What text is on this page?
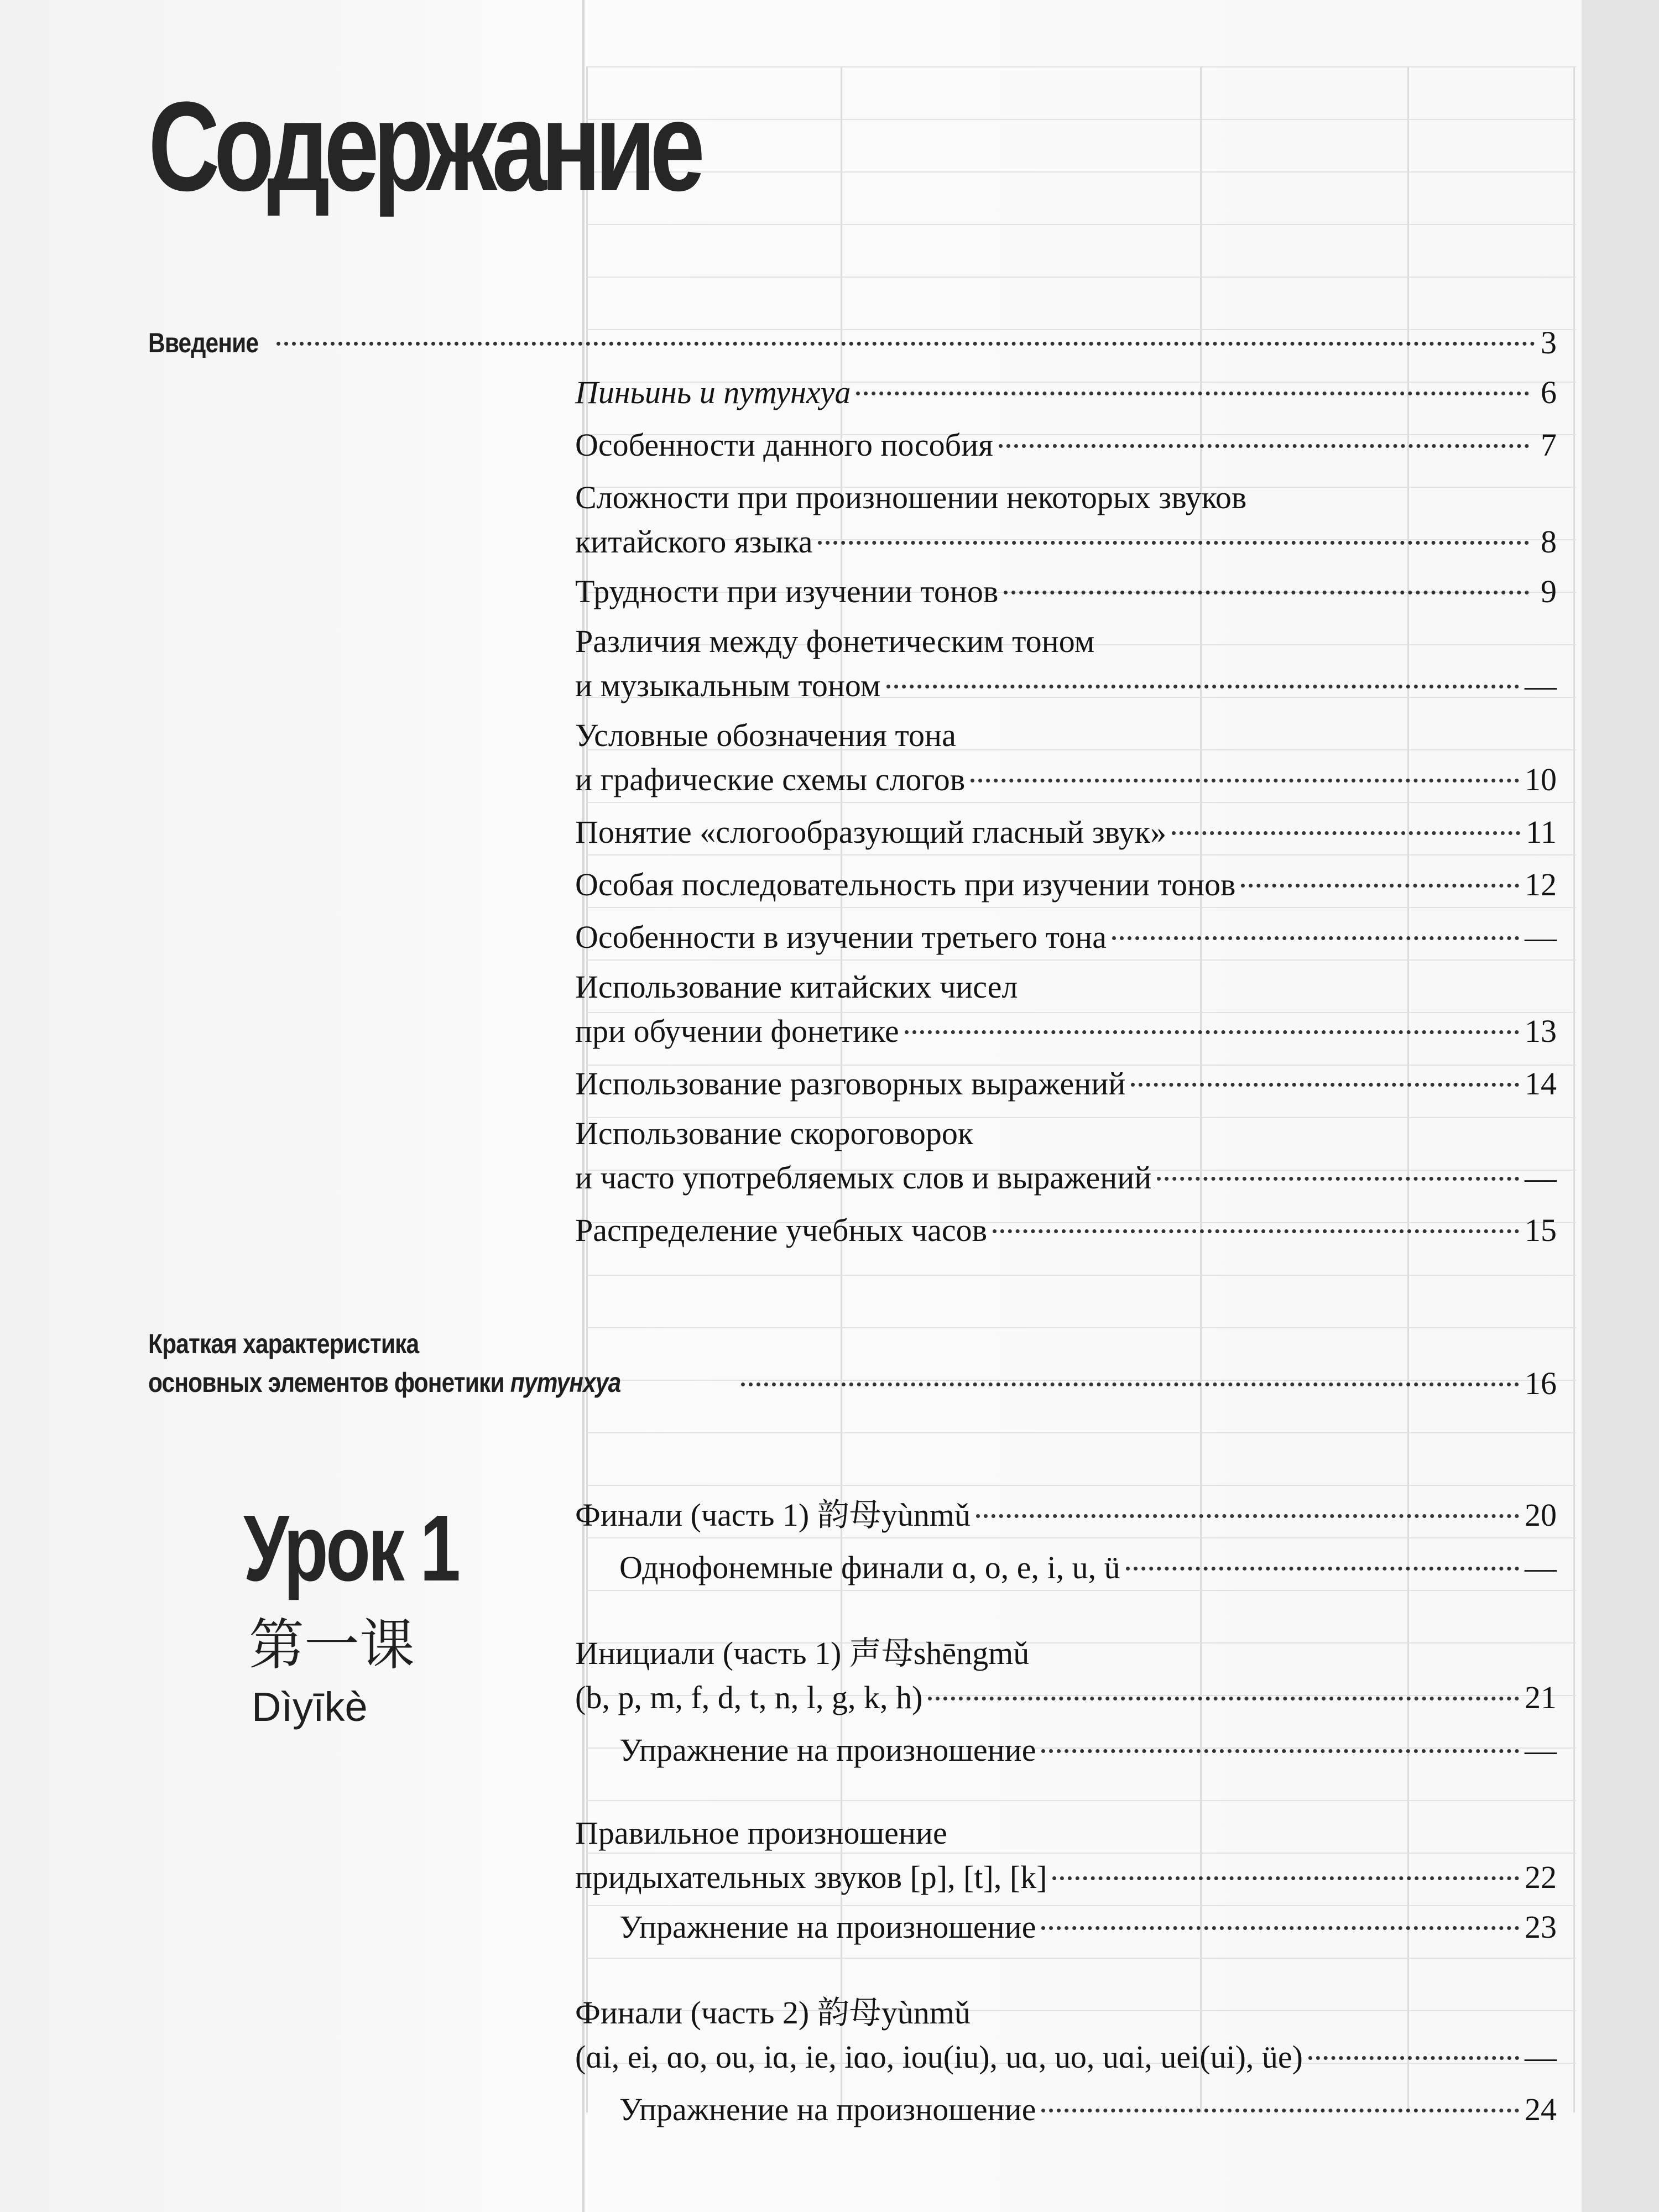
Содержание
Введение	3
Пиньинь и путунхуа	6
Особенности данного пособия	7
Сложности при произношении некоторых звуков
китайского языка	8
Трудности при изучении тонов	9
Различия между фонетическим тоном
и музыкальным тоном	—
Условные обозначения тона
и графические схемы слогов	10
Понятие «слогообразующий гласный звук»	11
Особая последовательность при изучении тонов	12
Особенности в изучении третьего тона	—
Использование китайских чисел
при обучении фонетике	13
Использование разговорных выражений	14
Использование скороговорок
и часто употребляемых слов и выражений	—
Распределение учебных часов	15
Краткая характеристика
основных элементов фонетики путунхуа	16
Урок 1
第一课
Dìyīkè
Финали (часть 1) 韵母yùnmǔ	20
Однофонемные финали ɑ, o, e, i, u, ü	—
Инициали (часть 1) 声母shēngmǔ
(b, p, m, f, d, t, n, l, g, k, h)	21
Упражнение на произношение	—
Правильное произношение
придыхательных звуков [p], [t], [k]	22
Упражнение на произношение	23
Финали (часть 2) 韵母yùnmǔ
(ɑi, ei, ɑo, ou, iɑ, ie, iɑo, iou(iu), uɑ, uo, uɑi, uei(ui), üe)	—
Упражнение на произношение	24
